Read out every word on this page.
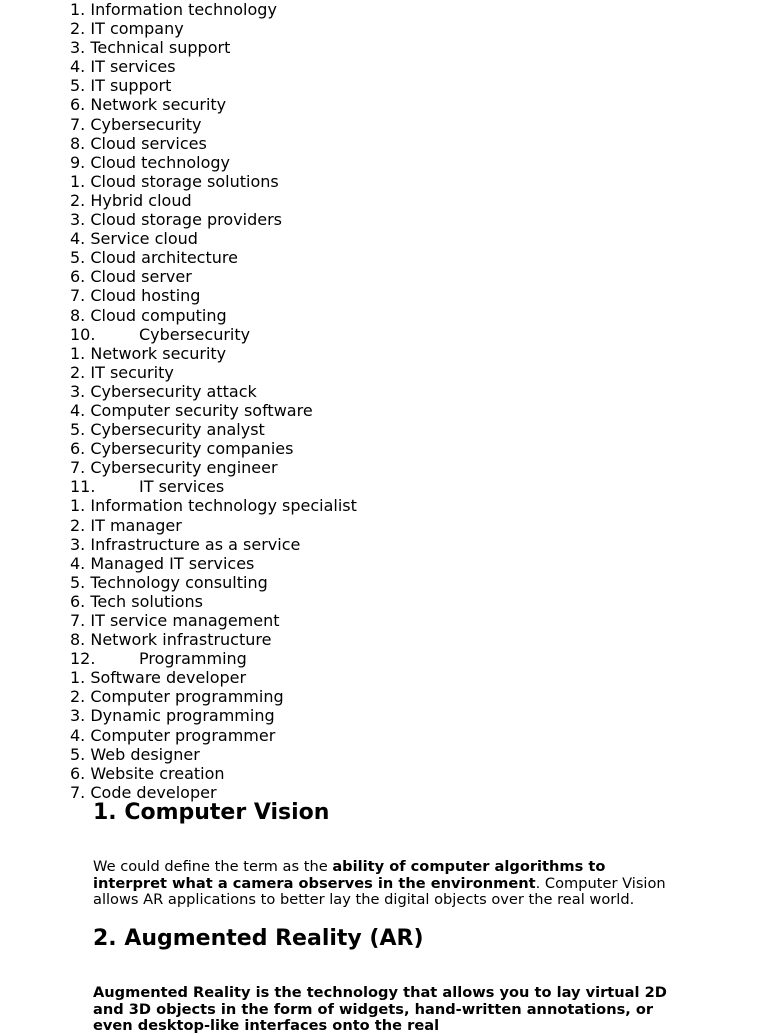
1. Information technology
2. IT company
3. Technical support
4. IT services
5. IT support
6. Network security
7. Cybersecurity
8. Cloud services
9. Cloud technology
1. Cloud storage solutions
2. Hybrid cloud
3. Cloud storage providers
4. Service cloud
5. Cloud architecture
6. Cloud server
7. Cloud hosting
8. Cloud computing
10.	Cybersecurity
1. Network security
2. IT security
3. Cybersecurity attack
4. Computer security software
5. Cybersecurity analyst
6. Cybersecurity companies
7. Cybersecurity engineer
11.	IT services
1. Information technology specialist
2. IT manager
3. Infrastructure as a service
4. Managed IT services
5. Technology consulting
6. Tech solutions
7. IT service management
8. Network infrastructure
12.	Programming
1. Software developer
2. Computer programming
3. Dynamic programming
4. Computer programmer
5. Web designer
6. Website creation
7. Code developer
1. Computer Vision

We could define the term as the ability of computer algorithms to interpret what a camera observes in the environment. Computer Vision allows AR applications to better lay the digital objects over the real world.

2. Augmented Reality (AR)

Augmented Reality is the technology that allows you to lay virtual 2D and 3D objects in the form of widgets, hand-written annotations, or even desktop-like interfaces onto the real
